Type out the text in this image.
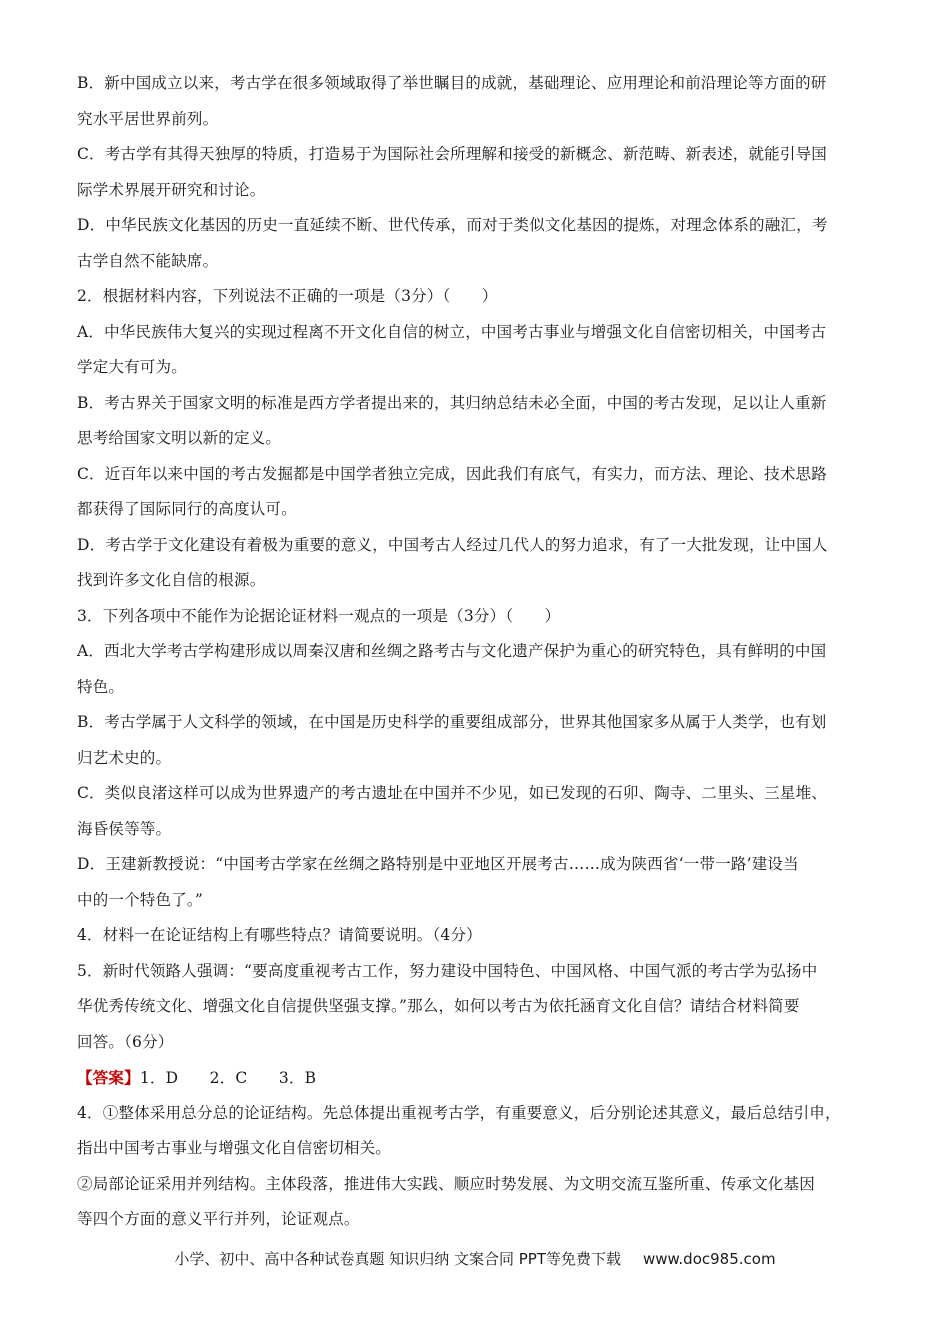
B．新中国成立以来，考古学在很多领域取得了举世瞩目的成就，基础理论、应用理论和前沿理论等方面的研
究水平居世界前列。
C．考古学有其得天独厚的特质，打造易于为国际社会所理解和接受的新概念、新范畴、新表述，就能引导国
际学术界展开研究和讨论。
D．中华民族文化基因的历史一直延续不断、世代传承，而对于类似文化基因的提炼，对理念体系的融汇，考
古学自然不能缺席。
2．根据材料内容，下列说法不正确的一项是（3分）（　　）
A．中华民族伟大复兴的实现过程离不开文化自信的树立，中国考古事业与增强文化自信密切相关，中国考古
学定大有可为。
B．考古界关于国家文明的标准是西方学者提出来的，其归纳总结未必全面，中国的考古发现，足以让人重新
思考给国家文明以新的定义。
C．近百年以来中国的考古发掘都是中国学者独立完成，因此我们有底气，有实力，而方法、理论、技术思路
都获得了国际同行的高度认可。
D．考古学于文化建设有着极为重要的意义，中国考古人经过几代人的努力追求，有了一大批发现，让中国人
找到许多文化自信的根源。
3．下列各项中不能作为论据论证材料一观点的一项是（3分）（　　）
A．西北大学考古学构建形成以周秦汉唐和丝绸之路考古与文化遗产保护为重心的研究特色，具有鲜明的中国
特色。
B．考古学属于人文科学的领域，在中国是历史科学的重要组成部分，世界其他国家多从属于人类学，也有划
归艺术史的。
C．类似良渚这样可以成为世界遗产的考古遗址在中国并不少见，如已发现的石卯、陶寺、二里头、三星堆、
海昏侯等等。
D．王建新教授说：“中国考古学家在丝绸之路特别是中亚地区开展考古……成为陕西省‘一带一路’建设当
中的一个特色了。”
4．材料一在论证结构上有哪些特点？请简要说明。（4分）
5．新时代领路人强调：“要高度重视考古工作，努力建设中国特色、中国风格、中国气派的考古学为弘扬中
华优秀传统文化、增强文化自信提供坚强支撑。”那么，如何以考古为依托涵育文化自信？请结合材料简要
回答。（6分）
【答案】1．D　　2．C　　3．B
4．①整体采用总分总的论证结构。先总体提出重视考古学，有重要意义，后分别论述其意义，最后总结引申，
指出中国考古事业与增强文化自信密切相关。
②局部论证采用并列结构。主体段落，推进伟大实践、顺应时势发展、为文明交流互鉴所重、传承文化基因
等四个方面的意义平行并列，论证观点。
小学、初中、高中各种试卷真题 知识归纳 文案合同 PPT等免费下载 www.doc985.com
